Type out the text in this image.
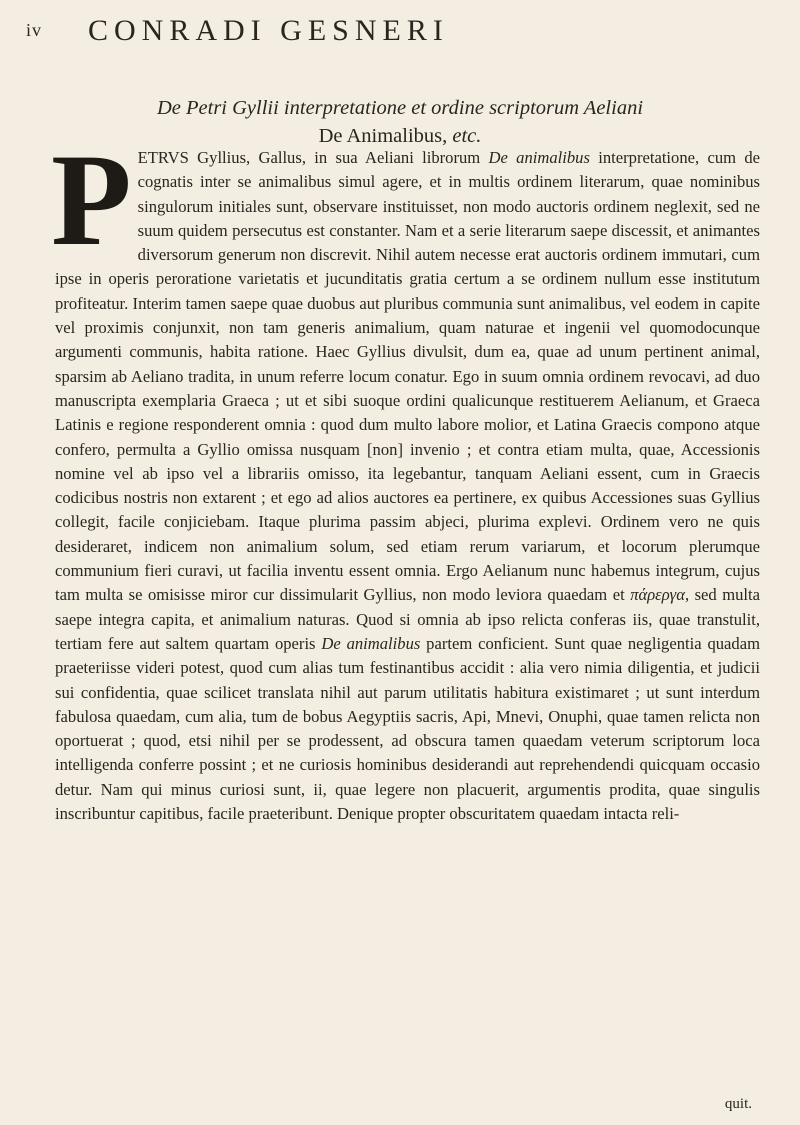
iv CONRADI GESNERI
De Petri Gyllii interpretatione et ordine scriptorum Aeliani
De Animalibus, etc.
PETRVS Gyllius, Gallus, in sua Aeliani librorum De animalibus interpretatione, cum de cognatis inter se animalibus simul agere, et in multis ordinem literarum, quae nominibus singulorum initiales sunt, observare instituisset, non modo auctoris ordinem neglexit, sed ne suum quidem persecutus est constanter. Nam et a serie literarum saepe discessit, et animantes diversorum generum non discrevit. Nihil autem necesse erat auctoris ordinem immutari, cum ipse in operis peroratione varietatis et jucunditatis gratia certum a se ordinem nullum esse institutum profiteatur. Interim tamen saepe quae duobus aut pluribus communia sunt animalibus, vel eodem in capite vel proximis conjunxit, non tam generis animalium, quam naturae et ingenii vel quomodocunque argumenti communis, habita ratione. Haec Gyllius divulsit, dum ea, quae ad unum pertinent animal, sparsim ab Aeliano tradita, in unum referre locum conatur. Ego in suum omnia ordinem revocavi, ad duo manuscripta exemplaria Graeca ; ut et sibi suoque ordini qualicunque restituerem Aelianum, et Graeca Latinis e regione responderent omnia : quod dum multo labore molior, et Latina Graecis compono atque confero, permulta a Gyllio omissa nusquam [non] invenio ; et contra etiam multa, quae, Accessionis nomine vel ab ipso vel a librariis omisso, ita legebantur, tanquam Aeliani essent, cum in Graecis codicibus nostris non extarent ; et ego ad alios auctores ea pertinere, ex quibus Accessiones suas Gyllius collegit, facile conjiciebam. Itaque plurima passim abjeci, plurima explevi. Ordinem vero ne quis desideraret, indicem non animalium solum, sed etiam rerum variarum, et locorum plerumque communium fieri curavi, ut facilia inventu essent omnia. Ergo Aelianum nunc habemus integrum, cujus tam multa se omisisse miror cur dissimularit Gyllius, non modo leviora quaedam et πάρεργα, sed multa saepe integra capita, et animalium naturas. Quod si omnia ab ipso relicta conferas iis, quae transtulit, tertiam fere aut saltem quartam operis De animalibus partem conficient. Sunt quae negligentia quadam praeteriisse videri potest, quod cum alias tum festinantibus accidit : alia vero nimia diligentia, et judicii sui confidentia, quae scilicet translata nihil aut parum utilitatis habitura existimaret ; ut sunt interdum fabulosa quaedam, cum alia, tum de bobus Aegyptiis sacris, Api, Mnevi, Onuphi, quae tamen relicta non oportuerat ; quod, etsi nihil per se prodessent, ad obscura tamen quaedam veterum scriptorum loca intelligenda conferre possint ; et ne curiosis hominibus desiderandi aut reprehendendi quicquam occasio detur. Nam qui minus curiosi sunt, ii, quae legere non placuerit, argumentis prodita, quae singulis inscribuntur capitibus, facile praeteribunt. Denique propter obscuritatem quaedam intacta reli-
quit.
